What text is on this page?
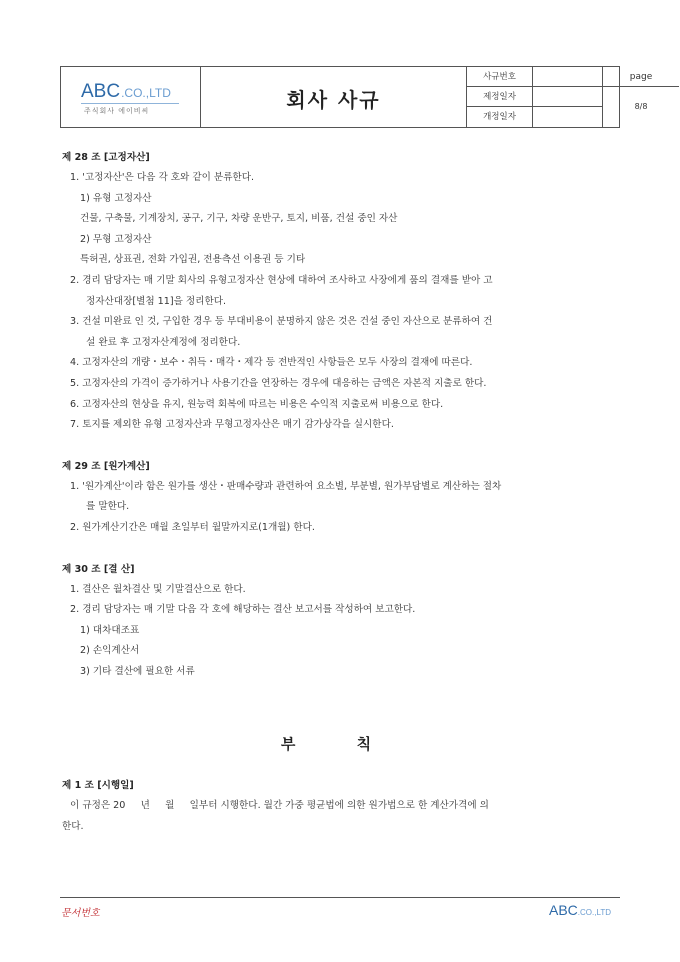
ABC.CO.,LTD
주식회사 에이비씨	회사 사규
사규번호
제정일자
개정일자
page
8/8
제 28 조 [고정자산]
1. '고정자산'은 다음 각 호와 같이 분류한다.
1) 유형 고정자산
건물, 구축물, 기계장치, 공구, 기구, 차량 운반구, 토지, 비품, 건설 중인 자산
2) 무형 고정자산
특허권, 상표권, 전화 가입권, 전용측선 이용권 등 기타
2. 경리 담당자는 매 기말 회사의 유형고정자산 현상에 대하여 조사하고 사장에게 품의 결재를 받아 고
정자산대장[별첨 11]을 정리한다.
3. 건설 미완료 인 것, 구입한 경우 등 부대비용이 분명하지 않은 것은 건설 중인 자산으로 분류하여 건
설 완료 후 고정자산계정에 정리한다.
4. 고정자산의 개량・보수・취득・매각・제각 등 전반적인 사항들은 모두 사장의 결재에 따른다.
5. 고정자산의 가격이 증가하거나 사용기간을 연장하는 경우에 대응하는 금액은 자본적 지출로 한다.
6. 고정자산의 현상을 유지, 원능력 회복에 따르는 비용은 수익적 지출로써 비용으로 한다.
7. 토지를 제외한 유형 고정자산과 무형고정자산은 매기 감가상각을 실시한다.
제 29 조 [원가계산]
1. '원가계산'이라 함은 원가를 생산・판매수량과 관련하여 요소별, 부분별, 원가부담별로 계산하는 절차
를 말한다.
2. 원가계산기간은 매월 초일부터 월말까지로(1개월) 한다.
제 30 조 [결 산]
1. 결산은 월차결산 및 기말결산으로 한다.
2. 경리 담당자는 매 기말 다음 각 호에 해당하는 결산 보고서를 작성하여 보고한다.
1) 대차대조표
2) 손익계산서
3) 기타 결산에 필요한 서류
부 칙
제 1 조 [시행일]
이 규정은 20     년     월     일부터 시행한다. 월간 가중 평균법에 의한 원가법으로 한 계산가격에 의
한다.
문서번호	ABC.CO.,LTD
